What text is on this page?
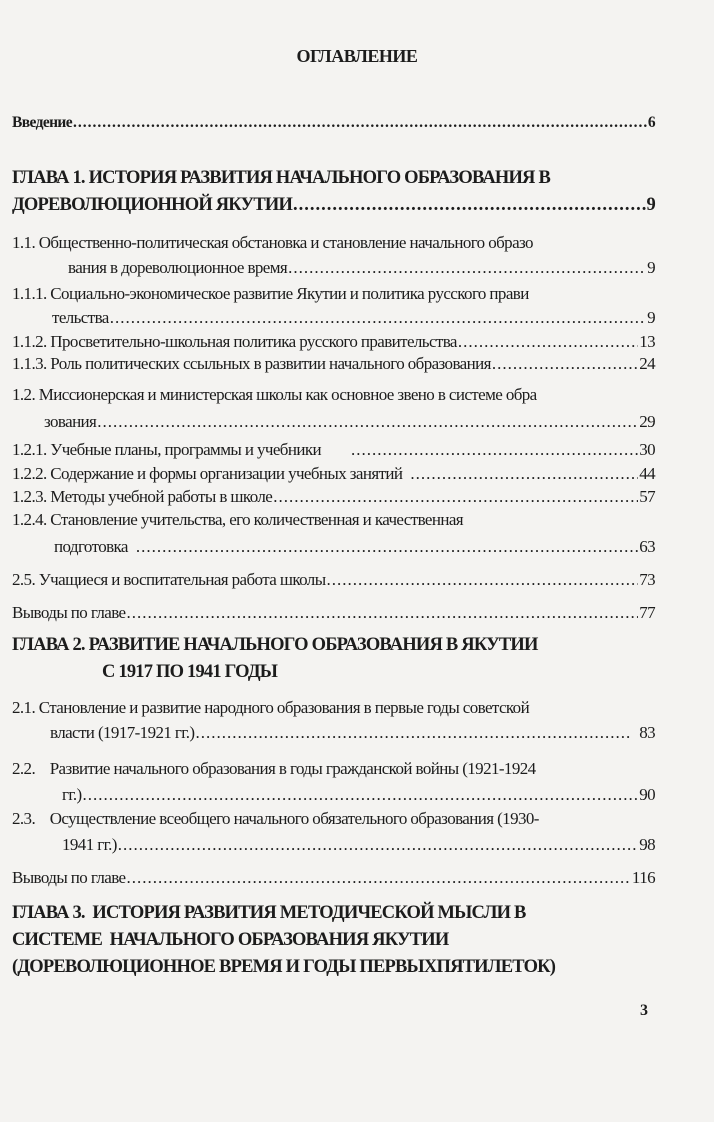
ОГЛАВЛЕНИЕ
Введение .....	6
ГЛАВА 1. ИСТОРИЯ РАЗВИТИЯ НАЧАЛЬНОГО ОБРАЗОВАНИЯ В
ДОРЕВОЛЮЦИОННОЙ ЯКУТИИ .....	9
1.1. Общественно-политическая обстановка и становление начального образо
вания в дореволюционное время .....	9
1.1.1. Социально-экономическое развитие Якутии и политика русского прави
тельства .....	9
1.1.2. Просветительно-школьная политика русского правительства .....	13
1.1.3. Роль политических ссыльных в развитии начального образования .....	24
1.2. Миссионерская и министерская школы как основное звено в системе обра
зования .....	29
1.2.1. Учебные планы, программы и учебники .....	30
1.2.2. Содержание и формы организации учебных занятий .....	44
1.2.3. Методы учебной работы в школе .....	57
1.2.4. Становление учительства, его количественная и качественная
подготовка .....	63
2.5. Учащиеся и воспитательная работа школы .....	73
Выводы по главе .....	77
ГЛАВА 2. РАЗВИТИЕ НАЧАЛЬНОГО ОБРАЗОВАНИЯ В ЯКУТИИ
С 1917 ПО 1941 ГОДЫ
2.1. Становление и развитие народного образования в первые годы советской
власти (1917-1921 гг.) .....	83
2.2.    Развитие начального образования в годы гражданской войны (1921-1924
гг.) .....	90
2.3.    Осуществление всеобщего начального обязательного образования (1930-
1941 гг.) .....	98
Выводы по главе .....	116
ГЛАВА 3.  ИСТОРИЯ РАЗВИТИЯ МЕТОДИЧЕСКОЙ МЫСЛИ В
СИСТЕМЕ  НАЧАЛЬНОГО ОБРАЗОВАНИЯ ЯКУТИИ
(ДОРЕВОЛЮЦИОННОЕ ВРЕМЯ И ГОДЫ ПЕРВЫХПЯТИЛЕТОК)
3
